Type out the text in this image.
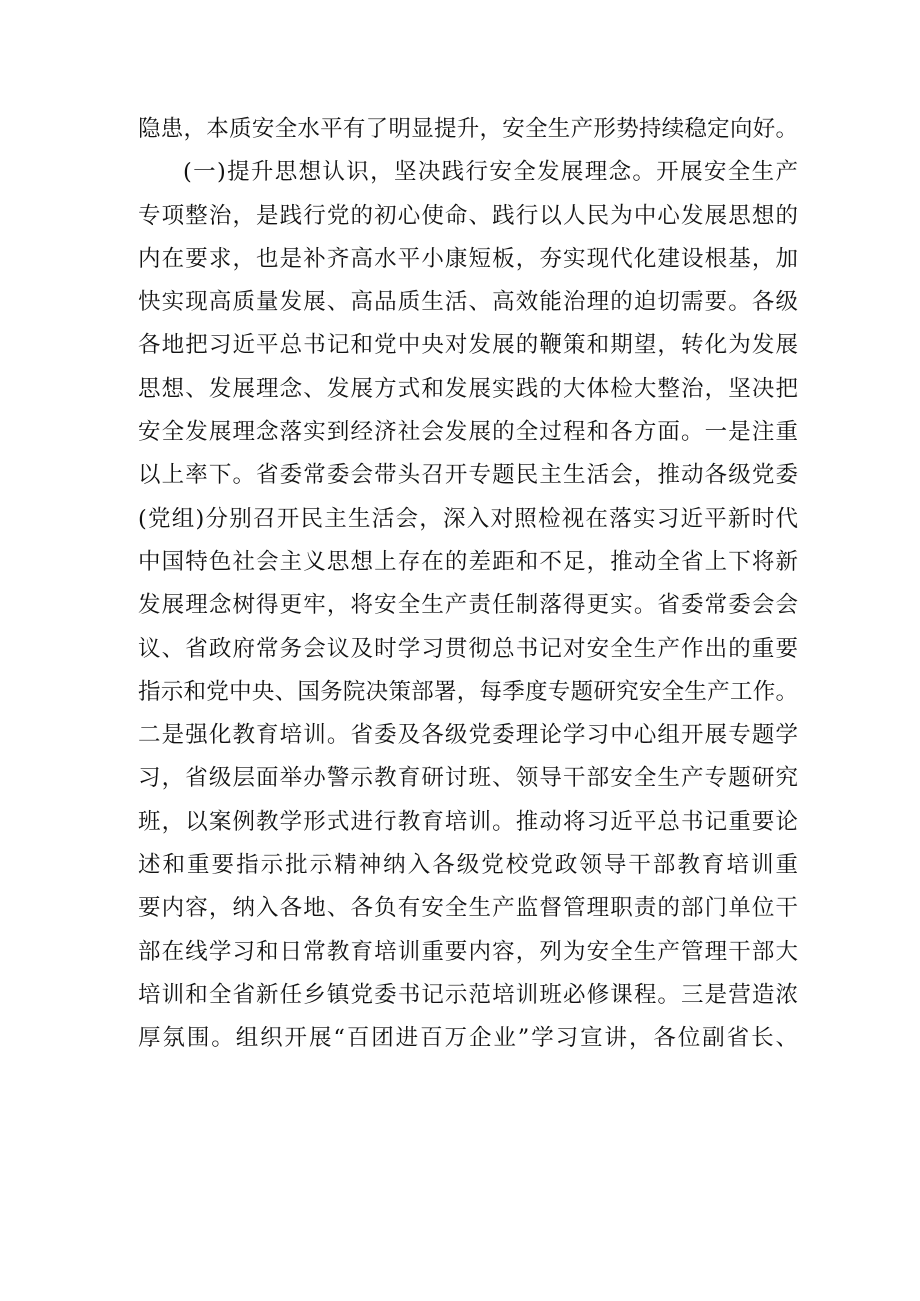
隐患，本质安全水平有了明显提升，安全生产形势持续稳定向好。
(一)提升思想认识，坚决践行安全发展理念。开展安全生产
专项整治，是践行党的初心使命、践行以人民为中心发展思想的
内在要求，也是补齐高水平小康短板，夯实现代化建设根基，加
快实现高质量发展、高品质生活、高效能治理的迫切需要。各级
各地把习近平总书记和党中央对发展的鞭策和期望，转化为发展
思想、发展理念、发展方式和发展实践的大体检大整治，坚决把
安全发展理念落实到经济社会发展的全过程和各方面。一是注重
以上率下。省委常委会带头召开专题民主生活会，推动各级党委
(党组)分别召开民主生活会，深入对照检视在落实习近平新时代
中国特色社会主义思想上存在的差距和不足，推动全省上下将新
发展理念树得更牢，将安全生产责任制落得更实。省委常委会会
议、省政府常务会议及时学习贯彻总书记对安全生产作出的重要
指示和党中央、国务院决策部署，每季度专题研究安全生产工作。
二是强化教育培训。省委及各级党委理论学习中心组开展专题学
习，省级层面举办警示教育研讨班、领导干部安全生产专题研究
班，以案例教学形式进行教育培训。推动将习近平总书记重要论
述和重要指示批示精神纳入各级党校党政领导干部教育培训重
要内容，纳入各地、各负有安全生产监督管理职责的部门单位干
部在线学习和日常教育培训重要内容，列为安全生产管理干部大
培训和全省新任乡镇党委书记示范培训班必修课程。三是营造浓
厚氛围。组织开展“百团进百万企业”学习宣讲，各位副省长、
